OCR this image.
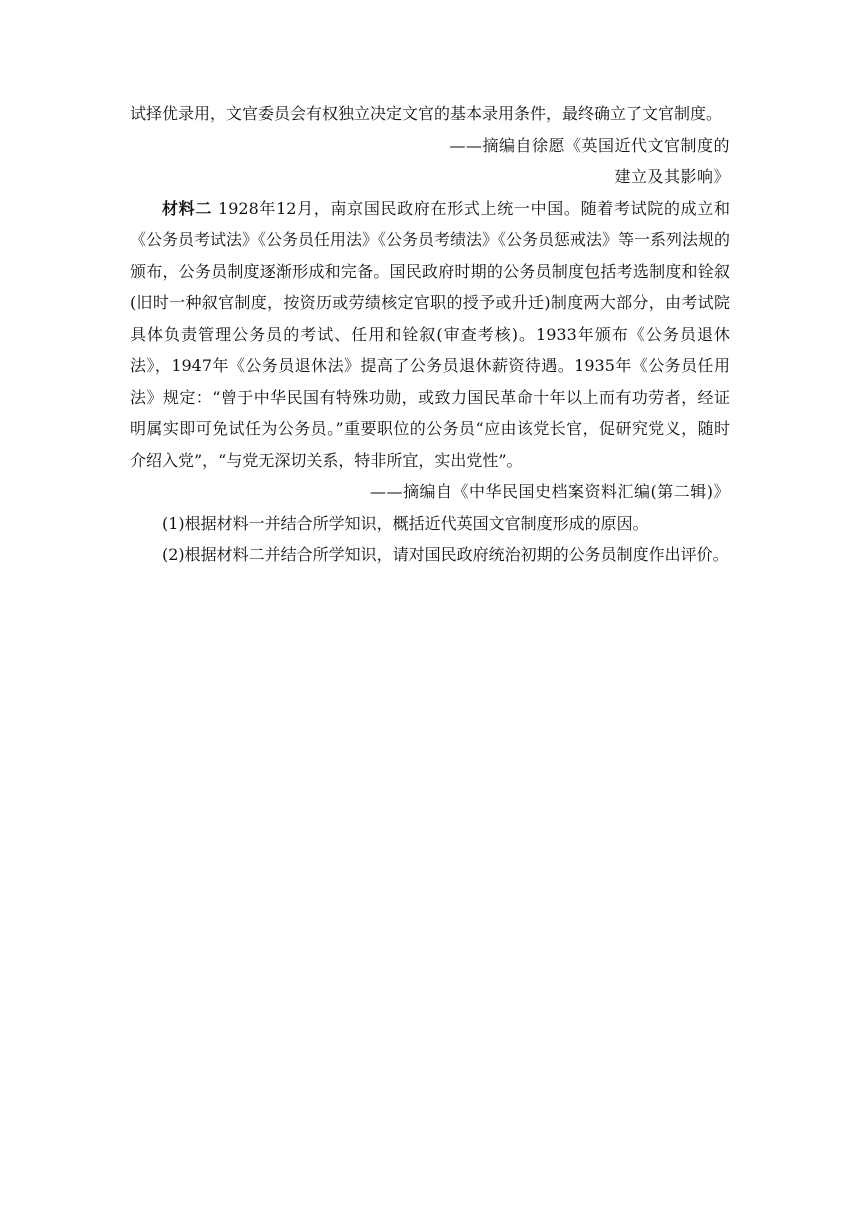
试择优录用，文官委员会有权独立决定文官的基本录用条件，最终确立了文官制度。

——摘编自徐愿《英国近代文官制度的

建立及其影响》

材料二 1928年12月，南京国民政府在形式上统一中国。随着考试院的成立和《公务员考试法》《公务员任用法》《公务员考绩法》《公务员惩戒法》等一系列法规的颁布，公务员制度逐渐形成和完备。国民政府时期的公务员制度包括考选制度和铨叙(旧时一种叙官制度，按资历或劳绩核定官职的授予或升迁)制度两大部分，由考试院具体负责管理公务员的考试、任用和铨叙(审查考核)。1933年颁布《公务员退休法》，1947年《公务员退休法》提高了公务员退休薪资待遇。1935年《公务员任用法》规定：“曾于中华民国有特殊功勋，或致力国民革命十年以上而有功劳者，经证明属实即可免试任为公务员。”重要职位的公务员“应由该党长官，促研究党义，随时介绍入党”，“与党无深切关系，特非所宜，实出党性”。

——摘编自《中华民国史档案资料汇编(第二辑)》

(1)根据材料一并结合所学知识，概括近代英国文官制度形成的原因。

(2)根据材料二并结合所学知识，请对国民政府统治初期的公务员制度作出评价。
